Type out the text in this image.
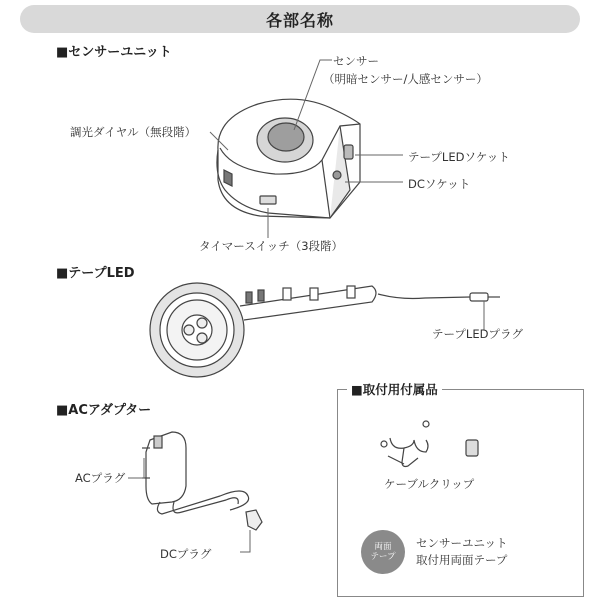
各部名称
■センサーユニット
■テープLED
■ACアダプター
センサー
（明暗センサー/人感センサー）
調光ダイヤル（無段階）
テープLEDソケット
DCソケット
タイマースイッチ（3段階）
テープLEDプラグ
ACプラグ
DCプラグ
■取付用付属品
ケーブルクリップ
両面
テープ
センサーユニット
取付用両面テープ
